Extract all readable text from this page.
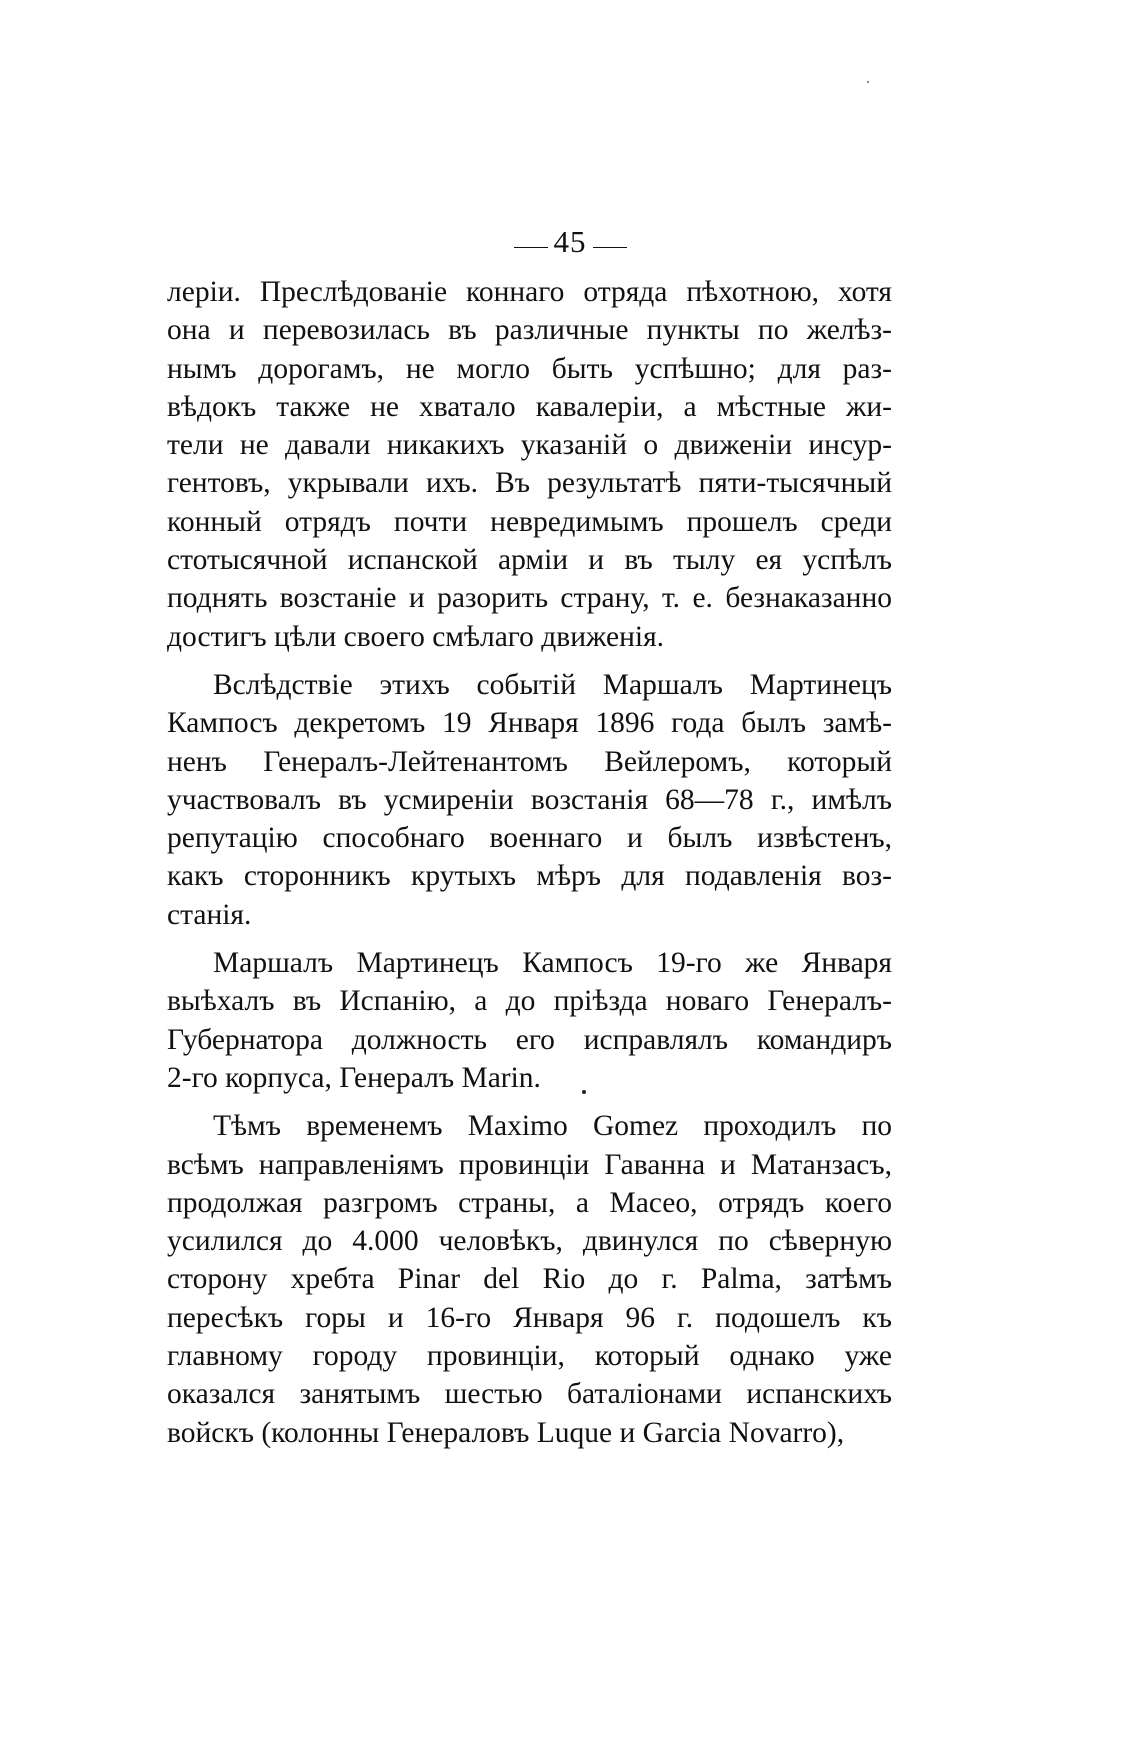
45
леріи. Преслѣдованіе коннаго отряда пѣхотною, хотя
она и перевозилась въ различные пункты по желѣз-
нымъ дорогамъ, не могло быть успѣшно; для раз-
вѣдокъ также не хватало кавалеріи, а мѣстные жи-
тели не давали никакихъ указаній о движеніи инсур-
гентовъ, укрывали ихъ. Въ результатѣ пяти-тысячный
конный отрядъ почти невредимымъ прошелъ среди
стотысячной испанской арміи и въ тылу ея успѣлъ
поднять возстаніе и разорить страну, т. е. безнаказанно
достигъ цѣли своего смѣлаго движенія.
Вслѣдствіе этихъ событій Маршалъ Мартинецъ
Кампосъ декретомъ 19 Января 1896 года былъ замѣ-
ненъ Генералъ-Лейтенантомъ Вейлеромъ, который
участвовалъ въ усмиреніи возстанія 68—78 г., имѣлъ
репутацію способнаго военнаго и былъ извѣстенъ,
какъ сторонникъ крутыхъ мѣръ для подавленія воз-
станія.
Маршалъ Мартинецъ Кампосъ 19-го же Января
выѣхалъ въ Испанію, а до пріѣзда новаго Генералъ-
Губернатора должность его исправлялъ командиръ
2-го корпуса, Генералъ Marin.
Тѣмъ временемъ Maximo Gomez проходилъ по
всѣмъ направленіямъ провинціи Гаванна и Матанзасъ,
продолжая разгромъ страны, а Масео, отрядъ коего
усилился до 4.000 человѣкъ, двинулся по сѣверную
сторону хребта Pinar del Rio до г. Palma, затѣмъ
пересѣкъ горы и 16-го Января 96 г. подошелъ къ
главному городу провинціи, который однако уже
оказался занятымъ шестью баталіонами испанскихъ
войскъ (колонны Генераловъ Luque и Garcia Novarro),
